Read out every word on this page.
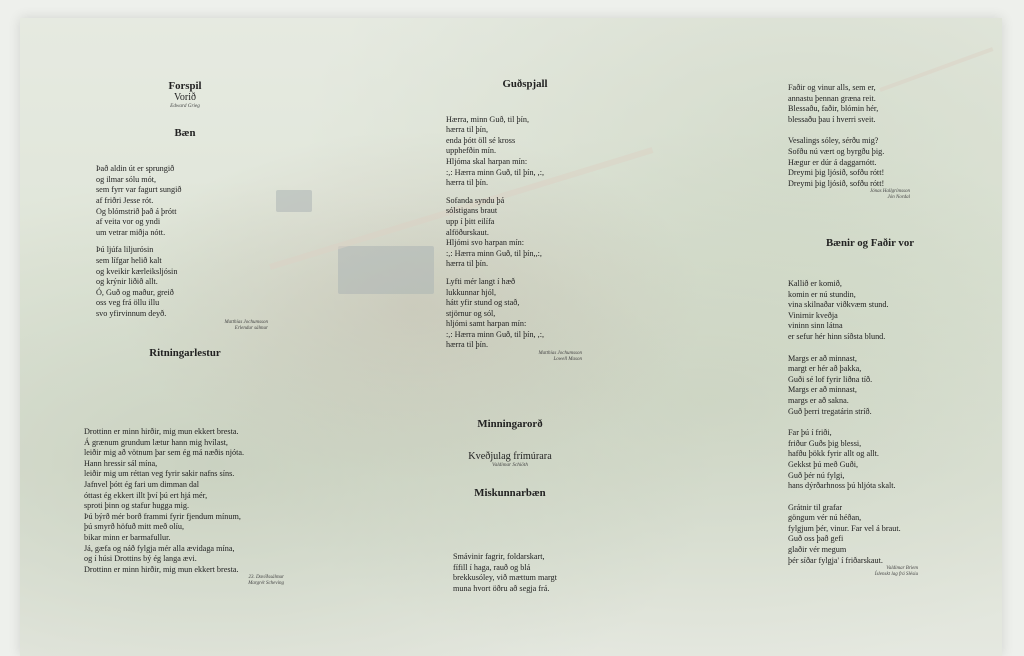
Forspil
Vorið
Edward Grieg
Bæn
Það aldin út er sprungið
og ilmar sólu mót,
sem fyrr var fagurt sungið
af friðri Jesse rót.
Og blómstrið það á þrótt
af veita vor og yndi
um vetrar miðja nótt.
Þú ljúfa liljurósin
sem lífgar helið kalt
og kveikir kærleiksljósin
og krýnir liðið allt.
Ó, Guð og maður, greið
oss veg frá öllu illu
svo yfirvinnum deyð.
Matthías Jochumsson
Erlendur sálmur
Ritningarlestur
Drottinn er minn hirðir, mig mun ekkert bresta.
Á grænum grundum lætur hann mig hvílast,
leiðir mig að vötnum þar sem ég má næðis njóta.
Hann hressir sál mína,
leiðir mig um réttan veg fyrir sakir nafns síns.
Jafnvel þótt ég fari um dimman dal
óttast ég ekkert illt því þú ert hjá mér,
sproti þinn og stafur hugga mig.
Þú býrð mér borð frammi fyrir fjendum mínum,
þú smyrð höfuð mitt með olíu,
bikar minn er barmafullur.
Já, gæfa og náð fylgja mér alla ævidaga mína,
og í húsi Drottins bý ég langa ævi.
Drottinn er minn hirðir, mig mun ekkert bresta.
23. Davíðssálmur
Margrét Scheving
Guðspjall
Hærra, minn Guð, til þín,
hærra til þín,
enda þótt öll sé kross
upphefðin mín.
Hljóma skal harpan mín:
:,: Hærra minn Guð, til þín, ,:,
hærra til þín.
Sofanda syndu þá
sólstigans braut
upp í þitt eilífa
alföðurskaut.
Hljómi svo harpan mín:
:,: Hærra minn Guð, til þín,,:,
hærra til þín.
Lyfti mér langt í hæð
lukkunnar hjól,
hátt yfir stund og stað,
stjörnur og sól,
hljómi samt harpan mín:
:,: Hærra minn Guð, til þín, ,:,
hærra til þín.
Matthías Jochumsson
Lowell Mason
Minningarorð
Kveðjulag frímúrara
Valdimar Schiöth
Miskunnarbæn
Smávinir fagrir, foldarskart,
fífill í haga, rauð og blá
brekkusóley, við mættum margt
muna hvort öðru að segja frá.
Faðir og vinur alls, sem er,
annastu þennan græna reit.
Blessaðu, faðir, blómin hér,
blessaðu þau í hverri sveit.
Vesalings sóley, sérðu mig?
Sofðu nú vært og byrgðu þig.
Hægur er dúr á daggarnótt.
Dreymi þig ljósið, sofðu rótt!
Dreymi þig ljósið, sofðu rótt!
Jónas Hallgrímsson
Jón Nordal
Bænir og Faðir vor
Kallið er komið,
komin er nú stundin,
vina skilnaðar viðkvæm stund.
Vinirnir kveðja
vininn sinn látna
er sefur hér hinn síðsta blund.
Margs er að minnast,
margt er hér að þakka,
Guði sé lof fyrir liðna tíð.
Margs er að minnast,
margs er að sakna.
Guð þerri tregatárin stríð.
Far þú í friði,
friður Guðs þig blessi,
hafðu þökk fyrir allt og allt.
Gekkst þú með Guði,
Guð þér nú fylgi,
hans dýrðarhnoss þú hljóta skalt.
Grátnir til grafar
göngum vér nú héðan,
fylgjum þér, vinur. Far vel á braut.
Guð oss það gefi
glaðir vér megum
þér síðar fylgja' í friðarskaut.
Valdimar Briem
Íslenskt lag frá Slésiu
